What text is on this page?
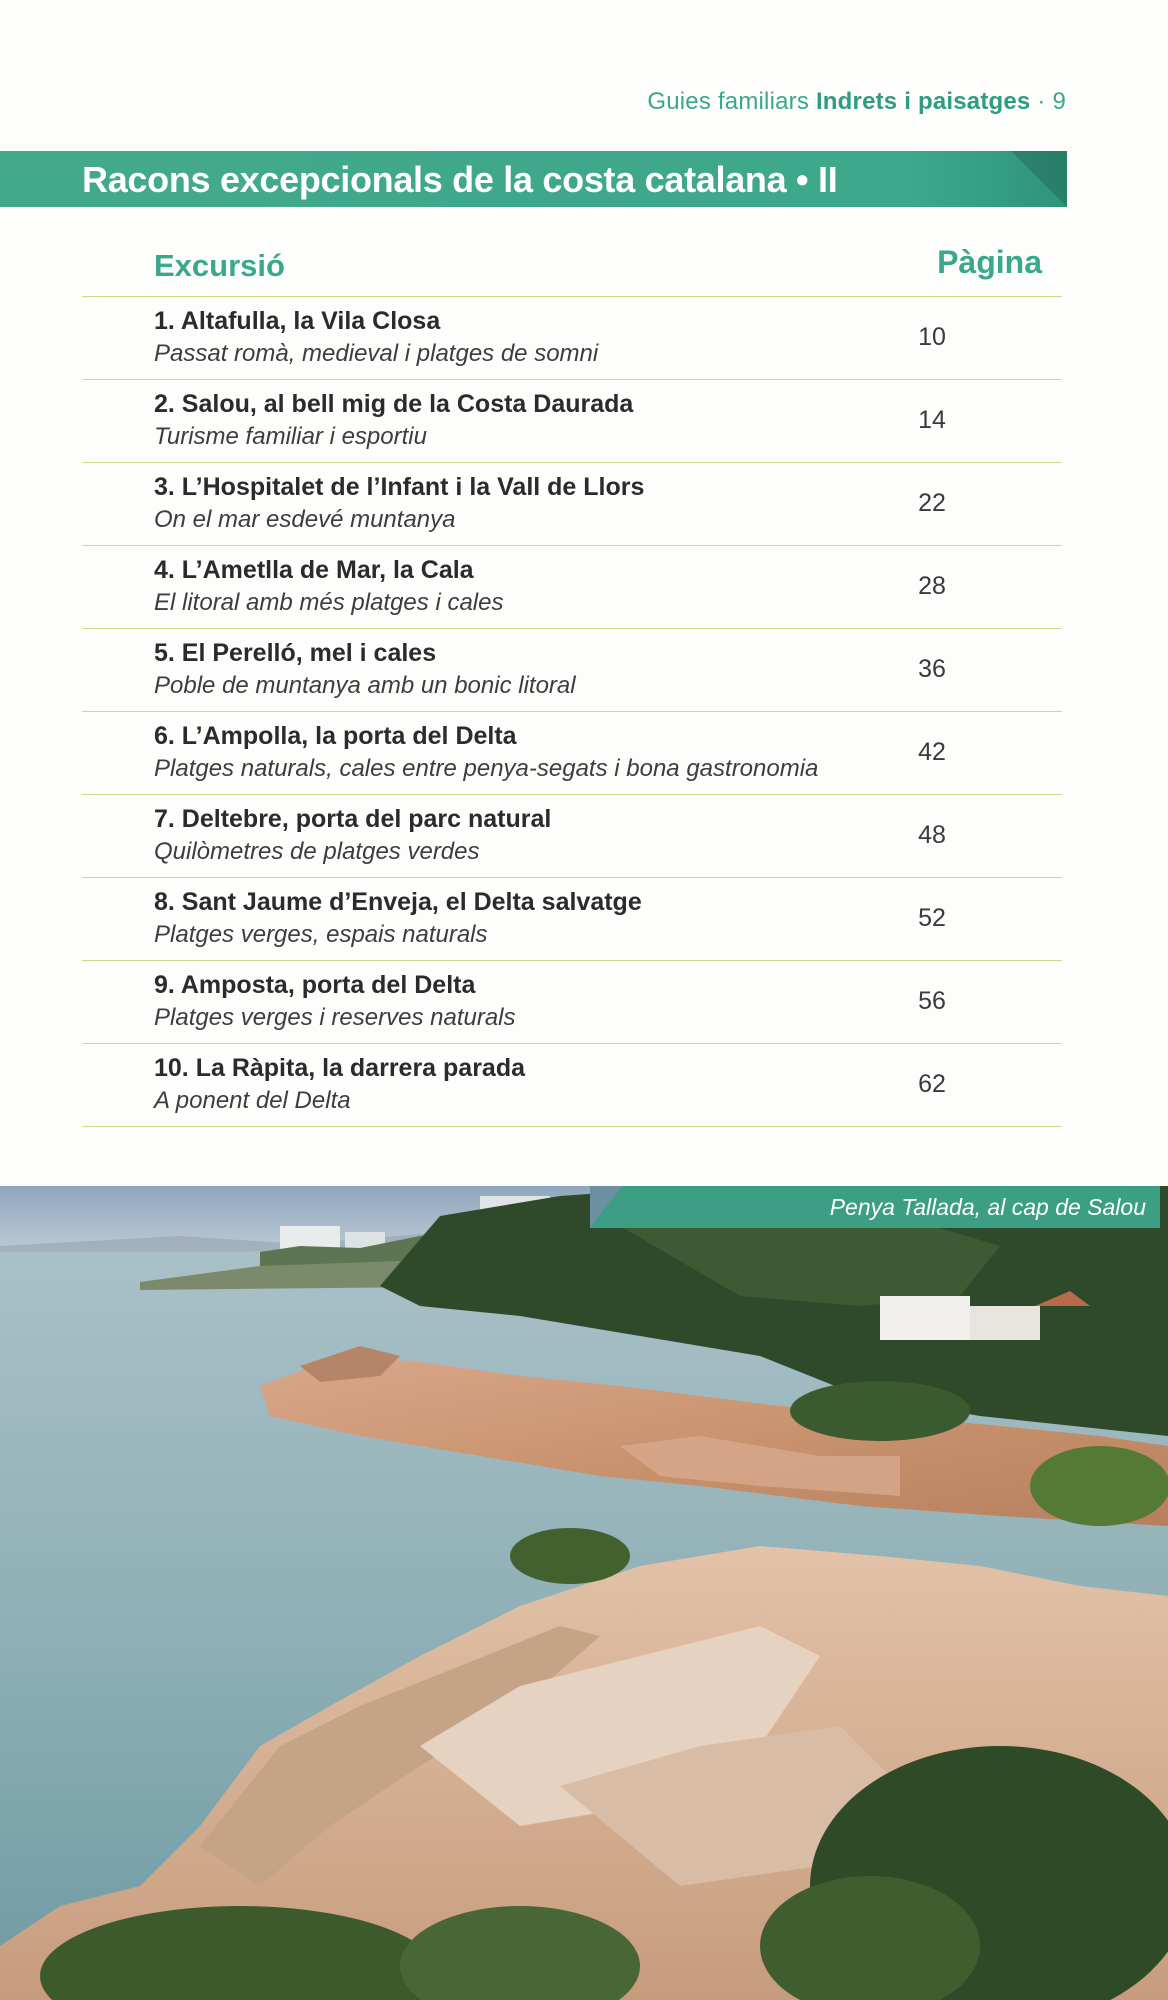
Guies familiars Indrets i paisatges · 9
Racons excepcionals de la costa catalana • II
Excursió	Pàgina
1. Altafulla, la Vila Closa
Passat romà, medieval i platges de somni
10
2. Salou, al bell mig de la Costa Daurada
Turisme familiar i esportiu
14
3. L’Hospitalet de l’Infant i la Vall de Llors
On el mar esdevé muntanya
22
4. L’Ametlla de Mar, la Cala
El litoral amb més platges i cales
28
5. El Perelló, mel i cales
Poble de muntanya amb un bonic litoral
36
6. L’Ampolla, la porta del Delta
Platges naturals, cales entre penya-segats i bona gastronomia
42
7. Deltebre, porta del parc natural
Quilòmetres de platges verdes
48
8. Sant Jaume d’Enveja, el Delta salvatge
Platges verges, espais naturals
52
9. Amposta, porta del Delta
Platges verges i reserves naturals
56
10. La Ràpita, la darrera parada
A ponent del Delta
62
Penya Tallada, al cap de Salou
